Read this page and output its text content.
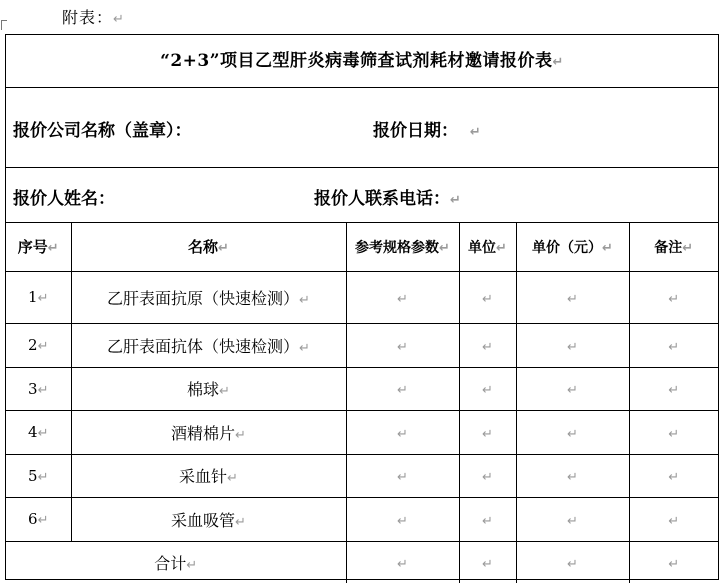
附表：↵
“2+3”项目乙型肝炎病毒筛查试剂耗材邀请报价表↵
报价公司名称（盖章）：	报价日期： ↵
报价人姓名：	报价人联系电话：↵
序号↵	名称↵	参考规格参数↵	单位↵	单价（元）↵	备注↵
1↵	乙肝表面抗原（快速检测）↵	↵	↵	↵	↵
2↵	乙肝表面抗体（快速检测）↵	↵	↵	↵	↵
3↵	棉球↵	↵	↵	↵	↵
4↵	酒精棉片↵	↵	↵	↵	↵
5↵	采血针↵	↵	↵	↵	↵
6↵	采血吸管↵	↵	↵	↵	↵
合计↵		↵	↵	↵	↵
